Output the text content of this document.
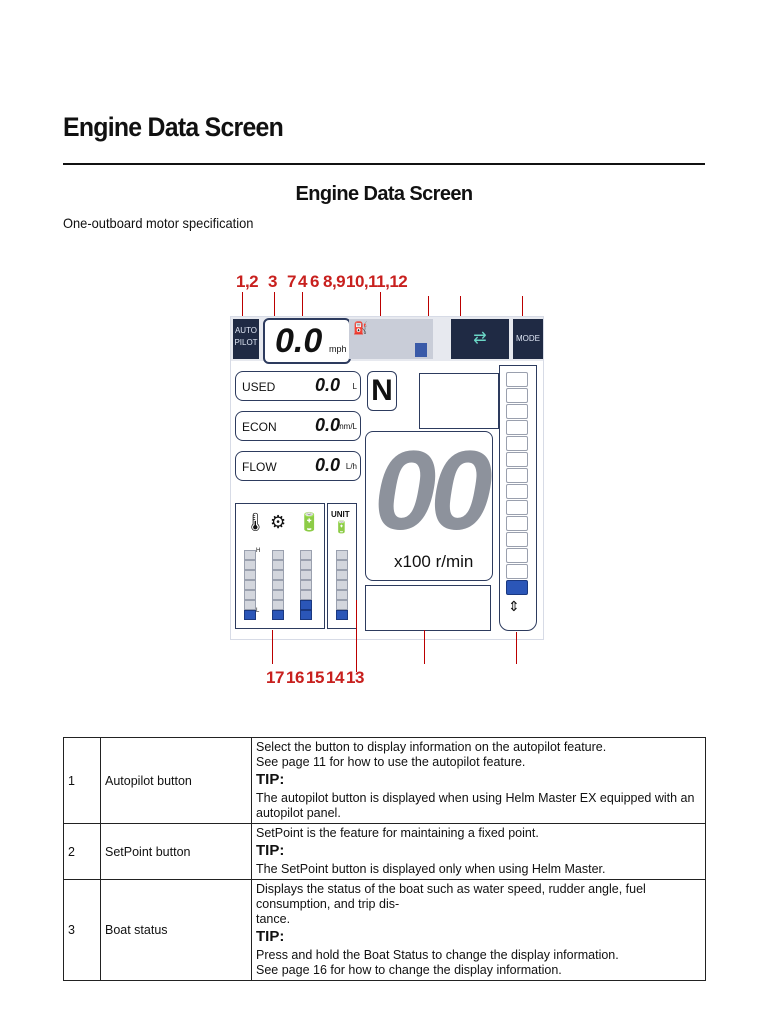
Engine Data Screen
Engine Data Screen
One-outboard motor specification
1,2 3 7 4 6 8,9 10,11,12
AUTO
PILOT 0.0 mph
⛽
⇄	MODE
USED 0.0 L
ECON 0.0 nm/L
FLOW 0.0 L/h
🌡 ⚙ 🔋
H
L
UNIT
🔋
N
00
x100 r/min
⇕
17 16 15 14 13
1	Autopilot button	Select the button to display information on the autopilot feature.
See page 11 for how to use the autopilot feature.
TIP:
The autopilot button is displayed when using Helm Master EX equipped with an autopilot panel.

2	SetPoint button	SetPoint is the feature for maintaining a fixed point.
TIP:
The SetPoint button is displayed only when using Helm Master.

3	Boat status	Displays the status of the boat such as water speed, rudder angle, fuel consumption, and trip dis-
tance.
TIP:
Press and hold the Boat Status to change the display information.
See page 16 for how to change the display information.
